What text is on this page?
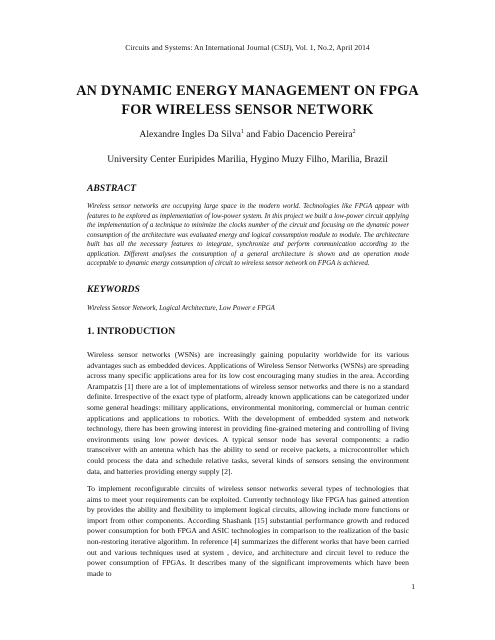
Circuits and Systems: An International Journal (CSIJ), Vol. 1, No.2, April 2014
AN DYNAMIC ENERGY MANAGEMENT ON FPGA
FOR WIRELESS SENSOR NETWORK
Alexandre Ingles Da Silva$^1$ and Fabio Dacencio Pereira$^2$
University Center Euripides Marilia, Hygino Muzy Filho, Marilia, Brazil
ABSTRACT
Wireless sensor networks are occupying large space in the modern world. Technologies like FPGA appear with features to be explored as implementation of low-power system. In this project we built a low-power circuit applying the implementation of a technique to minimize the clocks number of the circuit and focusing on the dynamic power consumption of the architecture was evaluated energy and logical consumption module to module. The architecture built has all the necessary features to integrate, synchronize and perform communication according to the application. Different analyses the consumption of a general architecture is shown and an operation mode acceptable to dynamic energy consumption of circuit to wireless sensor network on FPGA is achieved.
KEYWORDS
Wireless Sensor Network, Logical Architecture, Low Power e FPGA
1. INTRODUCTION
Wireless sensor networks (WSNs) are increasingly gaining popularity worldwide for its various advantages such as embedded devices. Applications of Wireless Sensor Networks (WSNs) are spreading across many specific applications area for its low cost encouraging many studies in the area. According Arampatzis [1] there are a lot of implementations of wireless sensor networks and there is no a standard definite. Irrespective of the exact type of platform, already known applications can be categorized under some general headings: military applications, environmental monitoring, commercial or human centric applications and applications to robotics. With the development of embedded system and network technology, there has been growing interest in providing fine-grained metering and controlling of living environments using low power devices. A typical sensor node has several components: a radio transceiver with an antenna which has the ability to send or receive packets, a microcontroller which could process the data and schedule relative tasks, several kinds of sensors sensing the environment data, and batteries providing energy supply [2].
To implement reconfigurable circuits of wireless sensor networks several types of technologies that aims to meet your requirements can be exploited. Currently technology like FPGA has gained attention by provides the ability and flexibility to implement logical circuits, allowing include more functions or import from other components. According Shashank [15] substantial performance growth and reduced power consumption for both FPGA and ASIC technologies in comparison to the realization of the basic non-restoring iterative algorithm. In reference [4] summarizes the different works that have been carried out and various techniques used at system , device, and architecture and circuit level to reduce the power consumption of FPGAs. It describes many of the significant improvements which have been made to
1
